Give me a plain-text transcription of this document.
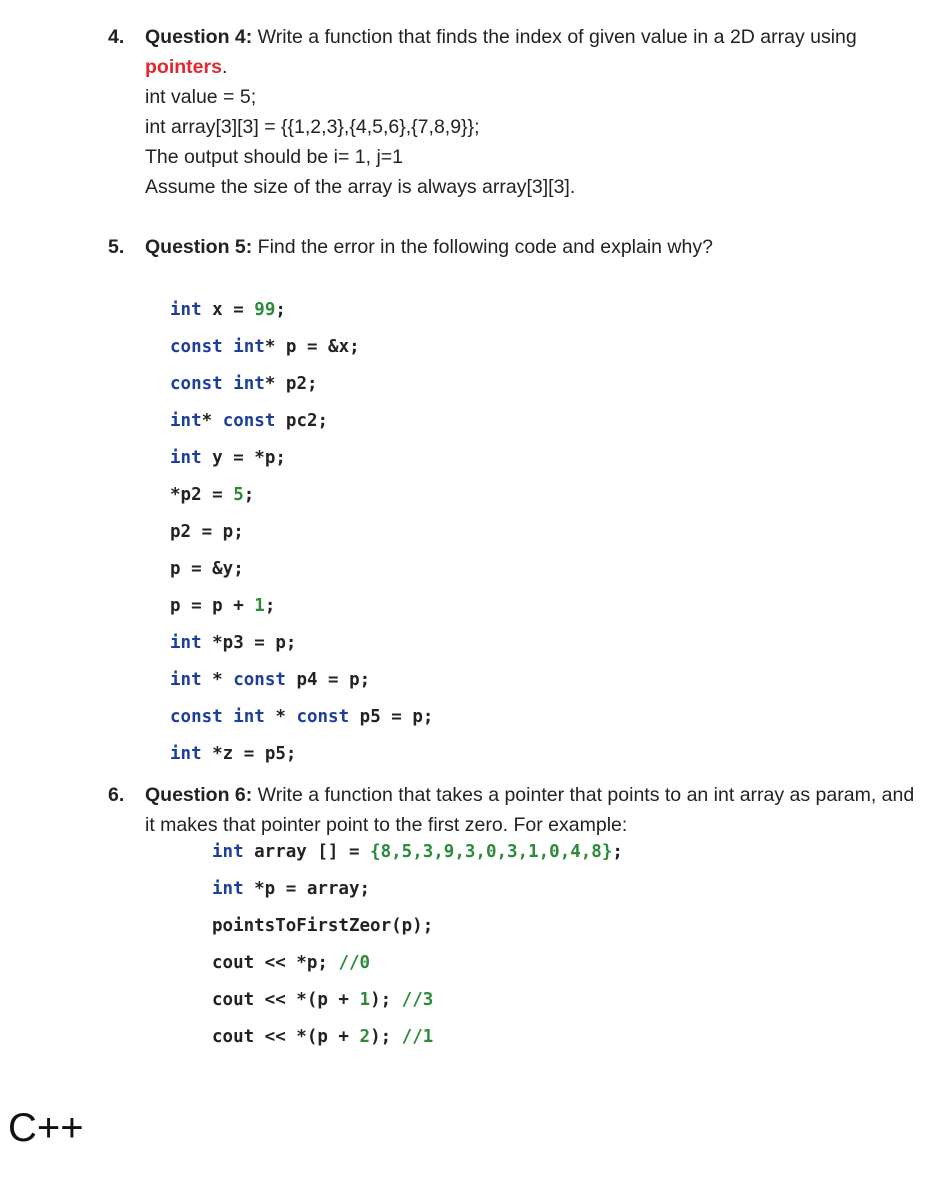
4. Question 4: Write a function that finds the index of given value in a 2D array using pointers.
int value = 5;
int array[3][3] = {{1,2,3},{4,5,6},{7,8,9}};
The output should be i= 1, j=1
Assume the size of the array is always array[3][3].
5. Question 5: Find the error in the following code and explain why?
int x = 99;
const int* p = &x;
const int* p2;
int* const pc2;
int y = *p;
*p2 = 5;
p2 = p;
p = &y;
p = p + 1;
int *p3 = p;
int * const p4 = p;
const int * const p5 = p;
int *z = p5;
6. Question 6: Write a function that takes a pointer that points to an int array as param, and it makes that pointer point to the first zero. For example:
int array [] = {8,5,3,9,3,0,3,1,0,4,8};
int *p = array;
pointsToFirstZeor(p);
cout << *p; //0
cout << *(p + 1); //3
cout << *(p + 2); //1
C++
